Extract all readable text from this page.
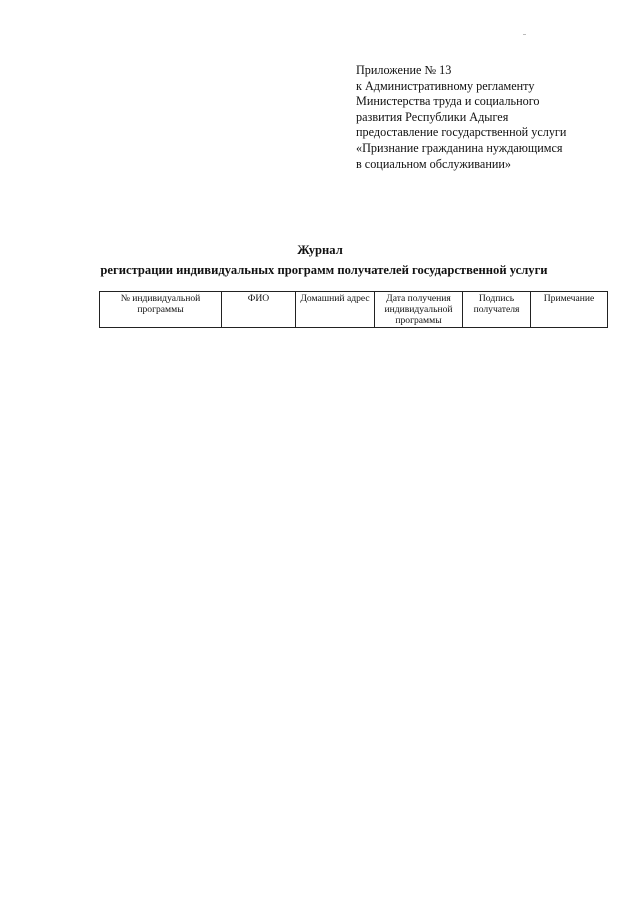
Приложение № 13
к Административному регламенту
Министерства труда и социального
развития Республики Адыгея
предоставление государственной услуги
«Признание гражданина нуждающимся
в социальном обслуживании»
Журнал
регистрации индивидуальных программ получателей государственной услуги
№ индивидуальной программы	ФИО	Домашний адрес	Дата получения индивидуальной программы	Подпись получателя	Примечание
